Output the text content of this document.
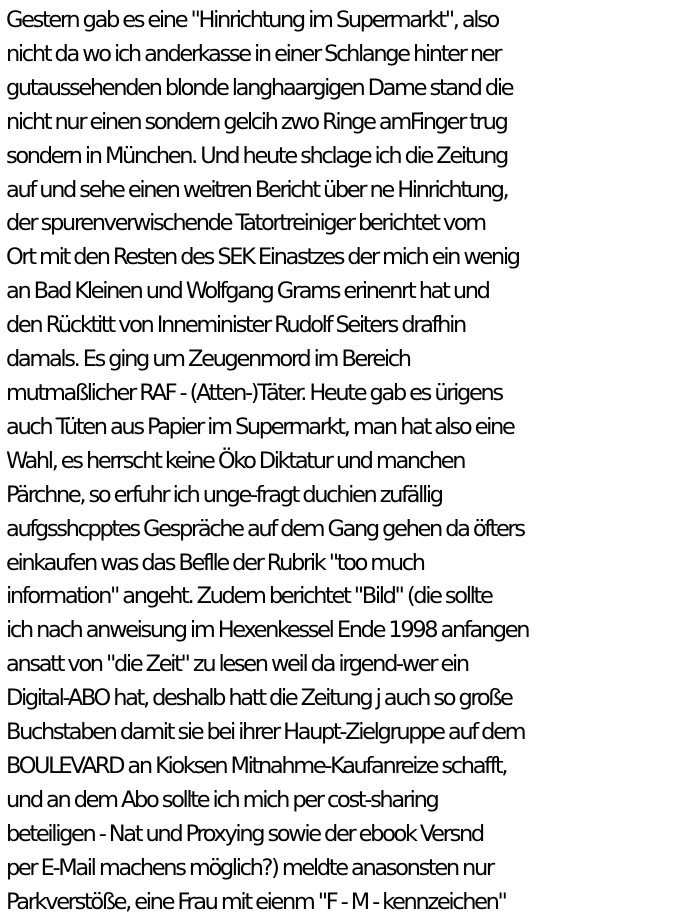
Gestern gab es eine "Hinrichtung im Supermarkt", also
nicht da wo ich anderkasse in einer Schlange hinter ner
gutaussehenden blonde langhaargigen Dame stand die
nicht nur einen sondern gelcih zwo Ringe amFinger trug
sondern in München. Und heute shclage ich die Zeitung
auf und sehe einen weitren Bericht über ne Hinrichtung,
der spurenverwischende Tatortreiniger berichtet vom
Ort mit den Resten des SEK Einastzes der mich ein wenig
an Bad Kleinen und Wolfgang Grams erinenrt hat und
den Rücktitt von Inneminister Rudolf Seiters drafhin
damals. Es ging um Zeugenmord im Bereich
mutmaßlicher RAF - (Atten-)Täter. Heute gab es ürigens
auch Tüten aus Papier im Supermarkt, man hat also eine
Wahl, es herrscht keine Öko Diktatur und manchen
Pärchne, so erfuhr ich unge-fragt duchien zufällig
aufgsshcpptes Gespräche auf dem Gang gehen da öfters
einkaufen was das Beflle der Rubrik "too much
information" angeht. Zudem berichtet "Bild" (die sollte
ich nach anweisung im Hexenkessel Ende 1998 anfangen
ansatt von "die Zeit" zu lesen weil da irgend-wer ein
Digital-ABO hat, deshalb hatt die Zeitung j auch so große
Buchstaben damit sie bei ihrer Haupt-Zielgruppe auf dem
BOULEVARD an Kioksen Mitnahme-Kaufanreize schafft,
und an dem Abo sollte ich mich per cost-sharing
beteiligen - Nat und Proxying sowie der ebook Versnd
per E-Mail machens möglich?) meldte anasonsten nur
Parkverstöße, eine Frau mit eienm "F - M - kennzeichen"
